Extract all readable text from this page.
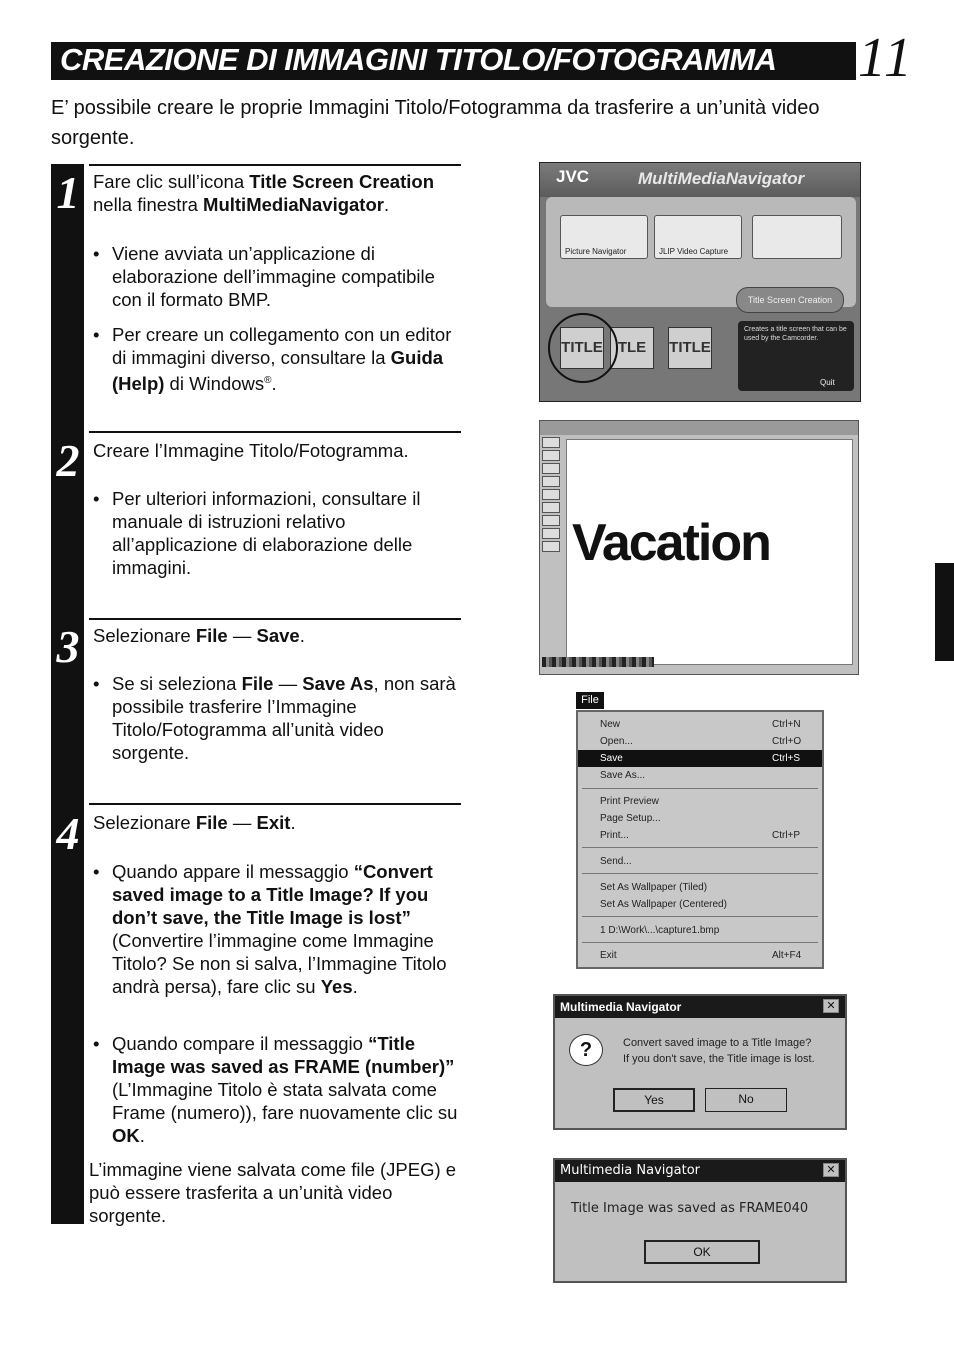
CREAZIONE DI IMMAGINI TITOLO/FOTOGRAMMA 11
E’ possibile creare le proprie Immagini Titolo/Fotogramma da trasferire a un’unità video sorgente.
1 Fare clic sull’icona Title Screen Creation nella finestra MultiMediaNavigator.
• Viene avviata un’applicazione di elaborazione dell’immagine compatibile con il formato BMP.
• Per creare un collegamento con un editor di immagini diverso, consultare la Guida (Help) di Windows®.
2 Creare l’Immagine Titolo/Fotogramma.
• Per ulteriori informazioni, consultare il manuale di istruzioni relativo all’applicazione di elaborazione delle immagini.
3 Selezionare File — Save.
• Se si seleziona File — Save As, non sarà possibile trasferire l’Immagine Titolo/Fotogramma all’unità video sorgente.
4 Selezionare File — Exit.
• Quando appare il messaggio “Convert saved image to a Title Image? If you don’t save, the Title Image is lost” (Convertire l’immagine come Immagine Titolo? Se non si salva, l’Immagine Titolo andrà persa), fare clic su Yes.
• Quando compare il messaggio “Title Image was saved as FRAME (number)” (L’Immagine Titolo è stata salvata come Frame (numero)), fare nuovamente clic su OK.
L’immagine viene salvata come file (JPEG) e può essere trasferita a un’unità video sorgente.
JVC	MultiMediaNavigator
Picture Navigator	JLIP Video Capture
Title Screen Creation
TITLE	TLE	TITLE
Creates a title screen that can be used by the Camcorder.
Quit
Vacation
File
New	Ctrl+N
Open...	Ctrl+O
Save	Ctrl+S
Save As...
Print Preview
Page Setup...
Print...	Ctrl+P
Send...
Set As Wallpaper (Tiled)
Set As Wallpaper (Centered)
1 D:\Work\...\capture1.bmp
Exit	Alt+F4
Multimedia Navigator	✕
?	Convert saved image to a Title Image?
If you don't save, the Title image is lost.
Yes	No
Multimedia Navigator	✕
Title Image was saved as FRAME040
OK
